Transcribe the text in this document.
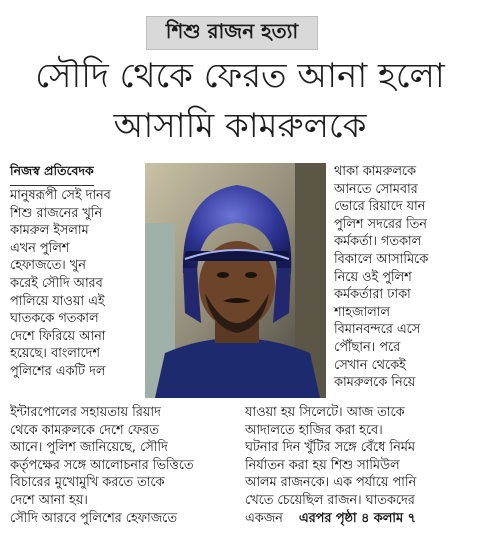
শিশু রাজন হত্যা
সৌদি থেকে ফেরত আনা হলো
আসামি কামরুলকে
নিজস্ব প্রতিবেদক

মানুষরূপী সেই দানব

শিশু রাজনের খুনি

কামরুল ইসলাম

এখন পুলিশ

হেফাজতে। খুন

করেই সৌদি আরব

পালিয়ে যাওয়া এই

ঘাতককে গতকাল

দেশে ফিরিয়ে আনা

হয়েছে। বাংলাদেশ

পুলিশের একটি দল

থাকা কামরুলকে

আনতে সোমবার

ভোরে রিয়াদে যান

পুলিশ সদরের তিন

কর্মকর্তা। গতকাল

বিকালে আসামিকে

নিয়ে ওই পুলিশ

কর্মকর্তারা ঢাকা

শাহজালাল

বিমানবন্দরে এসে

পৌঁছান। পরে

সেখান থেকেই

কামরুলকে নিয়ে

ইন্টারপোলের সহায়তায় রিয়াদ

থেকে কামরুলকে দেশে ফেরত

আনে। পুলিশ জানিয়েছে, সৌদি

কর্তৃপক্ষের সঙ্গে আলোচনার ভিত্তিতে

বিচারের মুখোমুখি করতে তাকে

দেশে আনা হয়।

সৌদি আরবে পুলিশের হেফাজতে

যাওয়া হয় সিলেটে। আজ তাকে

আদালতে হাজির করা হবে।

ঘটনার দিন খুঁটির সঙ্গে বেঁধে নির্মম

নির্যাতন করা হয় শিশু সামিউল

আলম রাজনকে। এক পর্যায়ে পানি

খেতে চেয়েছিল রাজন। ঘাতকদের

একজন এরপর পৃষ্ঠা ৪ কলাম ৭
